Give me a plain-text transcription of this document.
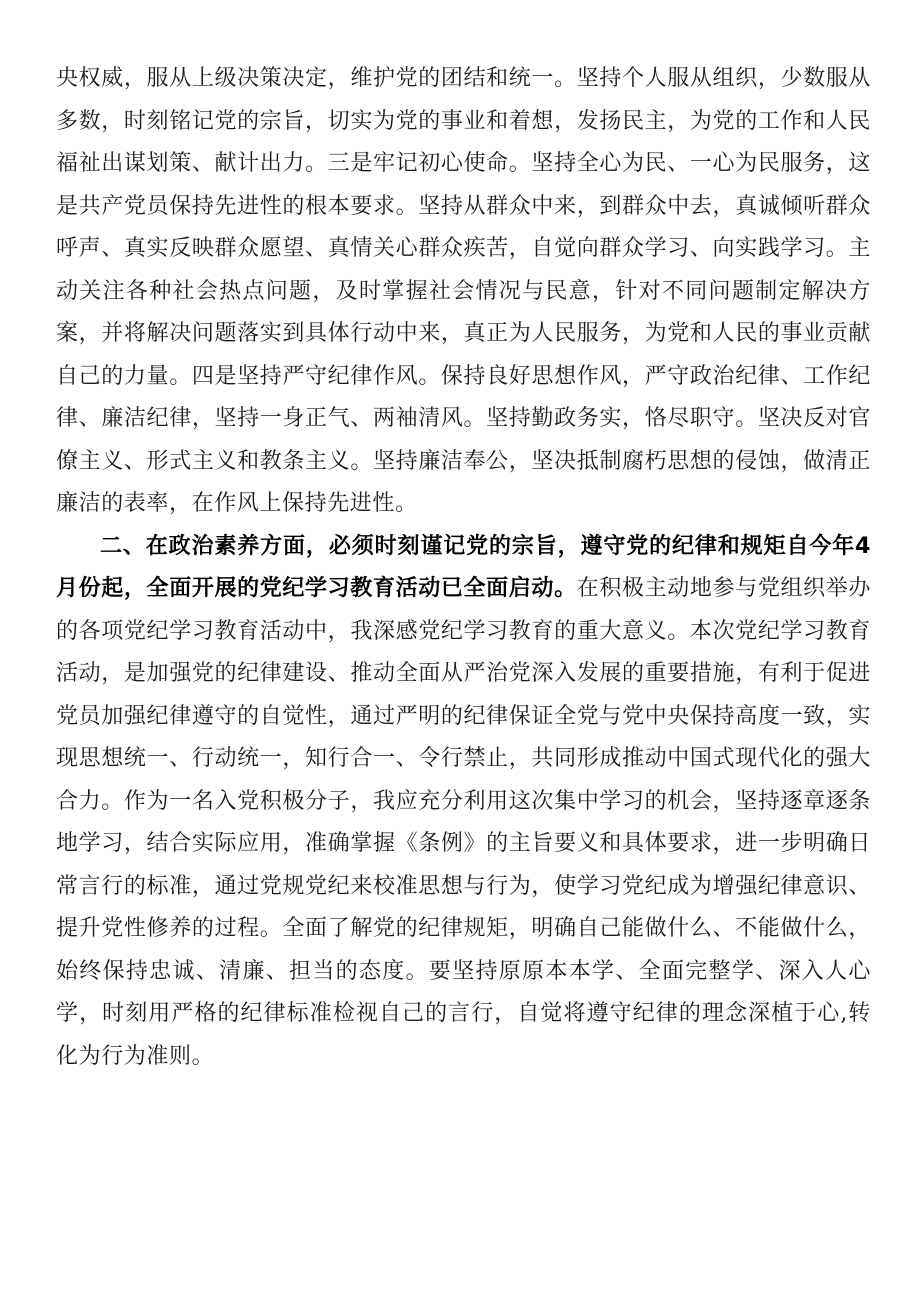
央权威，服从上级决策决定，维护党的团结和统一。坚持个人服从组织，少数服从多数，时刻铭记党的宗旨，切实为党的事业和着想，发扬民主，为党的工作和人民福祉出谋划策、献计出力。三是牢记初心使命。坚持全心为民、一心为民服务，这是共产党员保持先进性的根本要求。坚持从群众中来，到群众中去，真诚倾听群众呼声、真实反映群众愿望、真情关心群众疾苦，自觉向群众学习、向实践学习。主动关注各种社会热点问题，及时掌握社会情况与民意，针对不同问题制定解决方案，并将解决问题落实到具体行动中来，真正为人民服务，为党和人民的事业贡献自己的力量。四是坚持严守纪律作风。保持良好思想作风，严守政治纪律、工作纪律、廉洁纪律，坚持一身正气、两袖清风。坚持勤政务实，恪尽职守。坚决反对官僚主义、形式主义和教条主义。坚持廉洁奉公，坚决抵制腐朽思想的侵蚀，做清正廉洁的表率，在作风上保持先进性。

二、在政治素养方面，必须时刻谨记党的宗旨，遵守党的纪律和规矩自今年4月份起，全面开展的党纪学习教育活动已全面启动。在积极主动地参与党组织举办的各项党纪学习教育活动中，我深感党纪学习教育的重大意义。本次党纪学习教育活动，是加强党的纪律建设、推动全面从严治党深入发展的重要措施，有利于促进党员加强纪律遵守的自觉性，通过严明的纪律保证全党与党中央保持高度一致，实现思想统一、行动统一，知行合一、令行禁止，共同形成推动中国式现代化的强大合力。作为一名入党积极分子，我应充分利用这次集中学习的机会，坚持逐章逐条地学习，结合实际应用，准确掌握《条例》的主旨要义和具体要求，进一步明确日常言行的标准，通过党规党纪来校准思想与行为，使学习党纪成为增强纪律意识、提升党性修养的过程。全面了解党的纪律规矩，明确自己能做什么、不能做什么，始终保持忠诚、清廉、担当的态度。要坚持原原本本学、全面完整学、深入人心学，时刻用严格的纪律标准检视自己的言行，自觉将遵守纪律的理念深植于心,转化为行为准则。
